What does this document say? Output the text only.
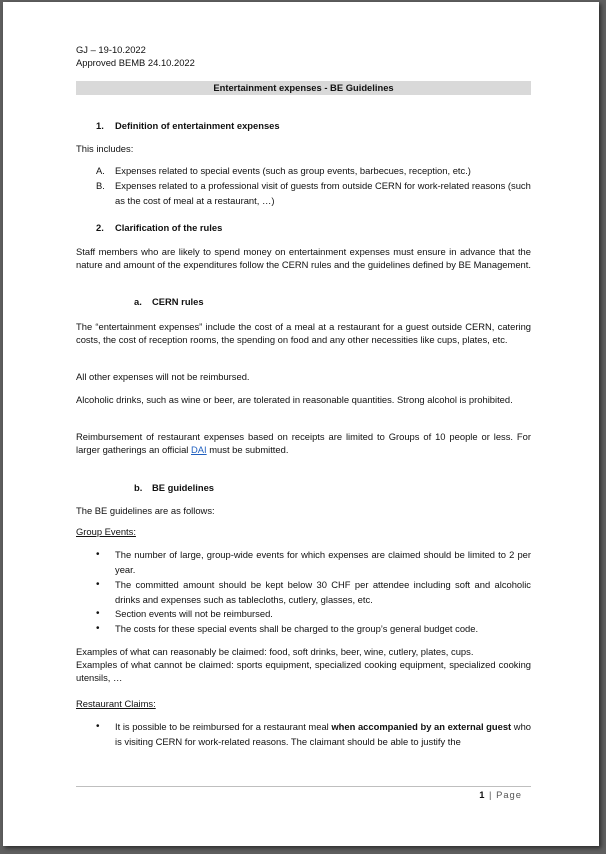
GJ – 19-10.2022

Approved BEMB 24.10.2022

Entertainment expenses - BE Guidelines
1. Definition of entertainment expenses

This includes:

A. Expenses related to special events (such as group events, barbecues, reception, etc.)
B. Expenses related to a professional visit of guests from outside CERN for work-related reasons (such as the cost of meal at a restaurant, …)
2. Clarification of the rules

Staff members who are likely to spend money on entertainment expenses must ensure in advance that the nature and amount of the expenditures follow the CERN rules and the guidelines defined by BE Management.

a. CERN rules

The “entertainment expenses” include the cost of a meal at a restaurant for a guest outside CERN, catering costs, the cost of reception rooms, the spending on food and any other necessities like cups, plates, etc.

All other expenses will not be reimbursed.

Alcoholic drinks, such as wine or beer, are tolerated in reasonable quantities. Strong alcohol is prohibited.

Reimbursement of restaurant expenses based on receipts are limited to Groups of 10 people or less. For larger gatherings an official DAI must be submitted.

b. BE guidelines

The BE guidelines are as follows:

Group Events:
• The number of large, group-wide events for which expenses are claimed should be limited to 2 per year.
• The committed amount should be kept below 30 CHF per attendee including soft and alcoholic drinks and expenses such as tablecloths, cutlery, glasses, etc.
• Section events will not be reimbursed.
• The costs for these special events shall be charged to the group’s general budget code.

Examples of what can reasonably be claimed: food, soft drinks, beer, wine, cutlery, plates, cups.
Examples of what cannot be claimed: sports equipment, specialized cooking equipment, specialized cooking utensils, …

Restaurant Claims:
• It is possible to be reimbursed for a restaurant meal when accompanied by an external guest who is visiting CERN for work-related reasons. The claimant should be able to justify the
1 | Page
